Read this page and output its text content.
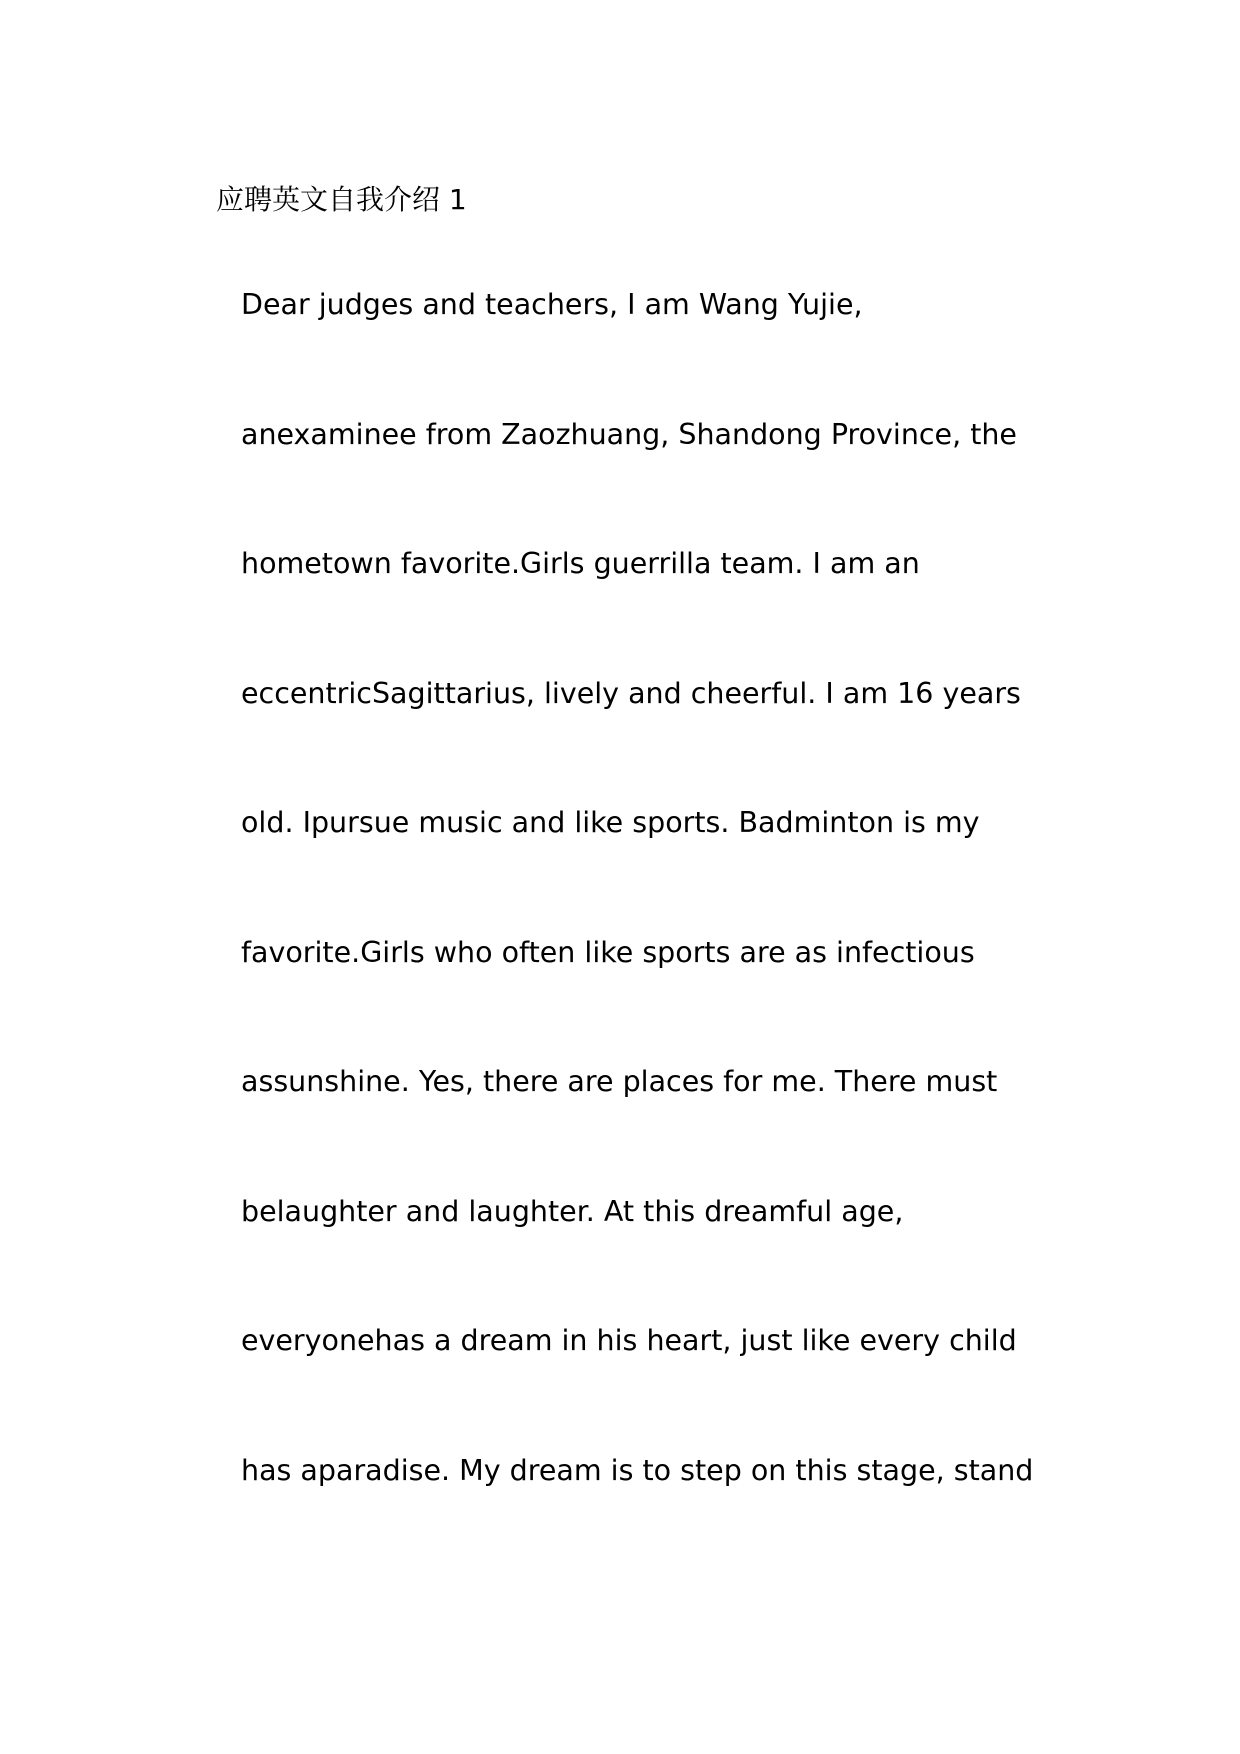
应聘英文自我介绍 1
Dear judges and teachers, I am Wang Yujie,
anexaminee from Zaozhuang, Shandong Province, the
hometown favorite.Girls guerrilla team. I am an
eccentricSagittarius, lively and cheerful. I am 16 years
old. Ipursue music and like sports. Badminton is my
favorite.Girls who often like sports are as infectious
assunshine. Yes, there are places for me. There must
belaughter and laughter. At this dreamful age,
everyonehas a dream in his heart, just like every child
has aparadise. My dream is to step on this stage, stand
